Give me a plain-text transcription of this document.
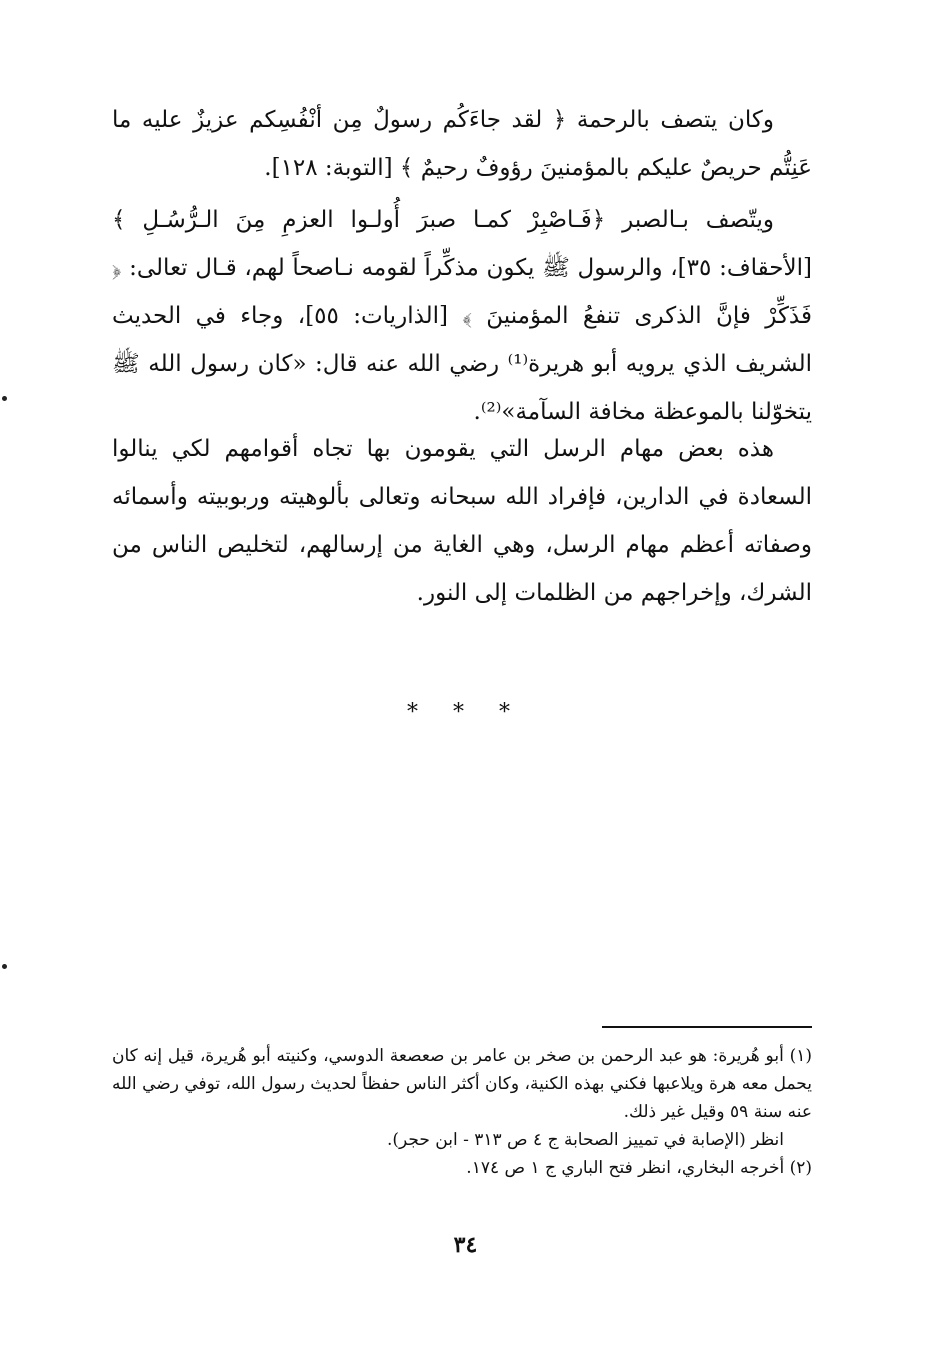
وكان يتصف بالرحمة ﴿ لقد جاءَكُم رسولٌ مِن أنْفُسِكم عزيزٌ عليه ما عَنِتُّم حريصٌ عليكم بالمؤمنينَ رؤوفٌ رحيمٌ ﴾ [التوبة: ١٢٨].

ويتّصف بـالصبر ﴿فَـاصْبِرْ كمـا صبرَ أُولـوا العزمِ مِنَ الـرُّسُـلِ ﴾ [الأحقاف: ٣٥]، والرسول ﷺ يكون مذكِّراً لقومه نـاصحاً لهم، قـال تعالى: ﴿ فَذَكِّرْ فإنَّ الذكرى تنفعُ المؤمنينَ ﴾ [الذاريات: ٥٥]، وجاء في الحديث الشريف الذي يرويه أبو هريرة⁽¹⁾ رضي الله عنه قال: «كان رسول الله ﷺ يتخوّلنا بالموعظة مخافة السآمة»⁽²⁾.

هذه بعض مهام الرسل التي يقومون بها تجاه أقوامهم لكي ينالوا السعادة في الدارين، فإفراد الله سبحانه وتعالى بألوهيته وربوبيته وأسمائه وصفاته أعظم مهام الرسل، وهي الغاية من إرسالهم، لتخليص الناس من الشرك، وإخراجهم من الظلمات إلى النور.

* * *
(١) أبو هُريرة: هو عبد الرحمن بن صخر بن عامر بن صعصعة الدوسي، وكنيته أبو هُريرة، قيل إنه كان يحمل معه هرة ويلاعبها فكني بهذه الكنية، وكان أكثر الناس حفظاً لحديث رسول الله، توفي رضي الله عنه سنة ٥٩ وقيل غير ذلك.
انظر (الإصابة في تمييز الصحابة ج ٤ ص ٣١٣ - ابن حجر).
(٢) أخرجه البخاري، انظر فتح الباري ج ١ ص ١٧٤.
٣٤
